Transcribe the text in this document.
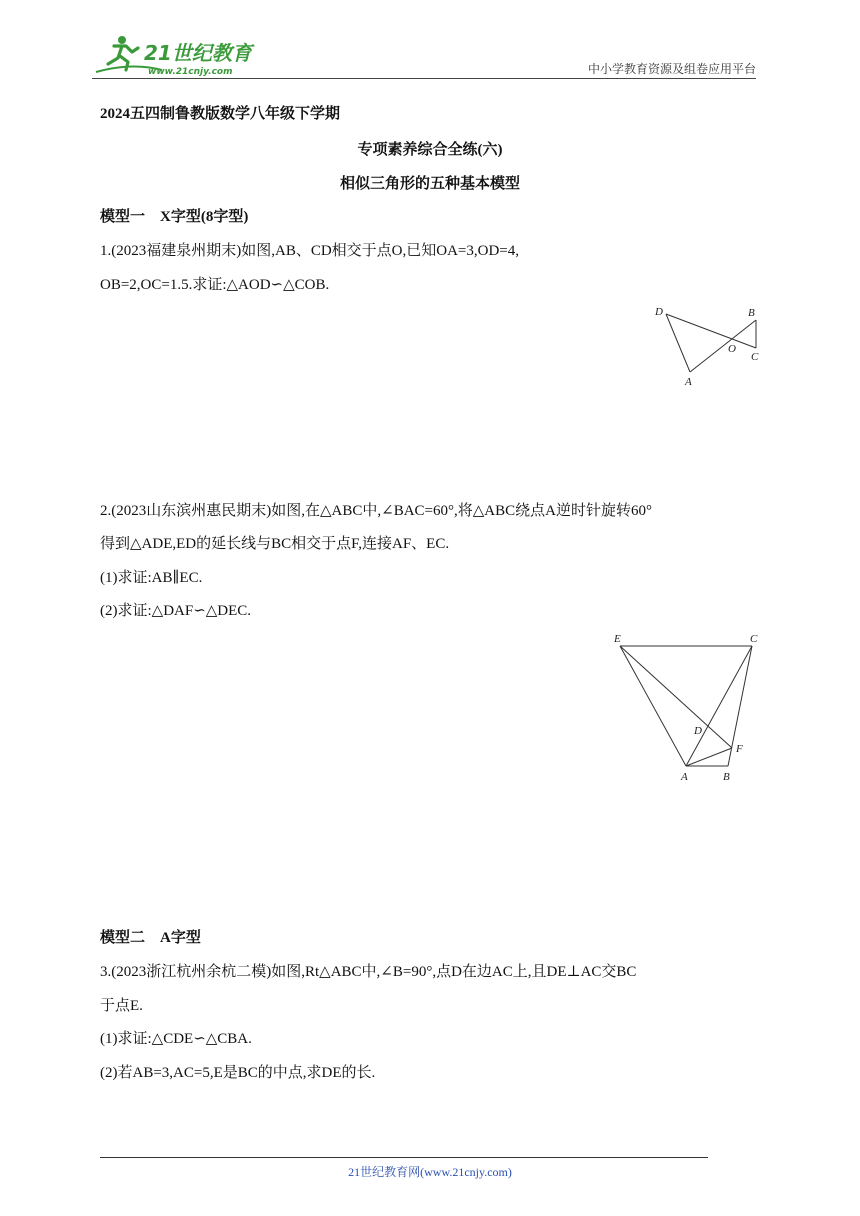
21世纪教育
www.21cnjy.com	中小学教育资源及组卷应用平台
2024五四制鲁教版数学八年级下学期
专项素养综合全练(六)
相似三角形的五种基本模型
模型一　X字型(8字型)
1.(2023福建泉州期末)如图,AB、CD相交于点O,已知OA=3,OD=4,
OB=2,OC=1.5.求证:△AOD∽△COB.
D	B
O
C
A
2.(2023山东滨州惠民期末)如图,在△ABC中,∠BAC=60°,将△ABC绕点A逆时针旋转60°
得到△ADE,ED的延长线与BC相交于点F,连接AF、EC.
(1)求证:AB∥EC.
(2)求证:△DAF∽△DEC.
E	C
D
F
A	B
模型二　A字型
3.(2023浙江杭州余杭二模)如图,Rt△ABC中,∠B=90°,点D在边AC上,且DE⊥AC交BC
于点E.
(1)求证:△CDE∽△CBA.
(2)若AB=3,AC=5,E是BC的中点,求DE的长.
21世纪教育网(www.21cnjy.com)
